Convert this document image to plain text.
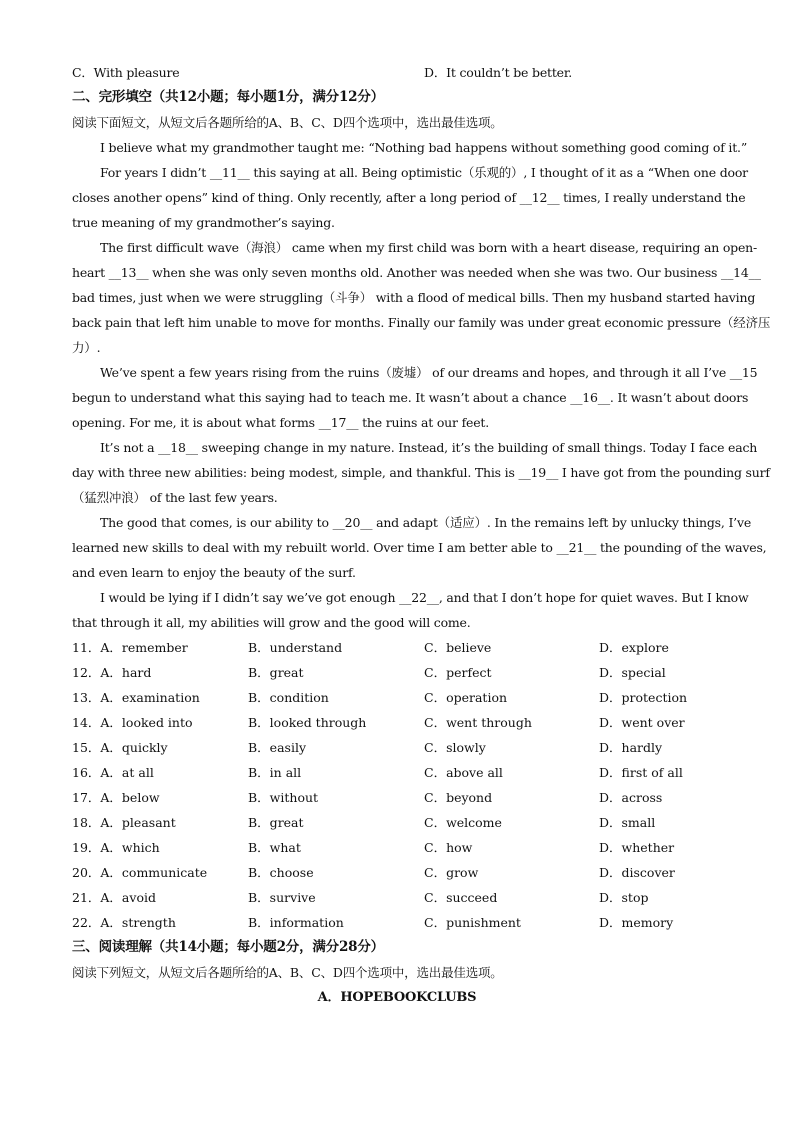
C．With pleasure	D．It couldn’t be better.
二、完形填空（共12小题；每小题1分，满分12分）
阅读下面短文，从短文后各题所给的A、B、C、D四个选项中，选出最佳选项。
I believe what my grandmother taught me: “Nothing bad happens without something good coming of it.”
For years I didn’t __11__ this saying at all. Being optimistic（乐观的）, I thought of it as a “When one door
closes another opens” kind of thing. Only recently, after a long period of __12__ times, I really understand the
true meaning of my grandmother’s saying.
The first difficult wave（海浪） came when my first child was born with a heart disease, requiring an open-
heart __13__ when she was only seven months old. Another was needed when she was two. Our business __14__
bad times, just when we were struggling（斗争） with a flood of medical bills. Then my husband started having
back pain that left him unable to move for months. Finally our family was under great economic pressure（经济压
力）.
We’ve spent a few years rising from the ruins（废墟） of our dreams and hopes, and through it all I’ve __15
begun to understand what this saying had to teach me. It wasn’t about a chance __16__. It wasn’t about doors
opening. For me, it is about what forms __17__ the ruins at our feet.
It’s not a __18__ sweeping change in my nature. Instead, it’s the building of small things. Today I face each
day with three new abilities: being modest, simple, and thankful. This is __19__ I have got from the pounding surf
（猛烈冲浪） of the last few years.
The good that comes, is our ability to __20__ and adapt（适应）. In the remains left by unlucky things, I’ve
learned new skills to deal with my rebuilt world. Over time I am better able to __21__ the pounding of the waves,
and even learn to enjoy the beauty of the surf.
I would be lying if I didn’t say we’ve got enough __22__, and that I don’t hope for quiet waves. But I know
that through it all, my abilities will grow and the good will come.
11．A．remember	B．understand	C．believe	D．explore
12．A．hard	B．great	C．perfect	D．special
13．A．examination	B．condition	C．operation	D．protection
14．A．looked into	B．looked through	C．went through	D．went over
15．A．quickly	B．easily	C．slowly	D．hardly
16．A．at all	B．in all	C．above all	D．first of all
17．A．below	B．without	C．beyond	D．across
18．A．pleasant	B．great	C．welcome	D．small
19．A．which	B．what	C．how	D．whether
20．A．communicate	B．choose	C．grow	D．discover
21．A．avoid	B．survive	C．succeed	D．stop
22．A．strength	B．information	C．punishment	D．memory
三、阅读理解（共14小题；每小题2分，满分28分）
阅读下列短文，从短文后各题所给的A、B、C、D四个选项中，选出最佳选项。
A．HOPEBOOKCLUBS
